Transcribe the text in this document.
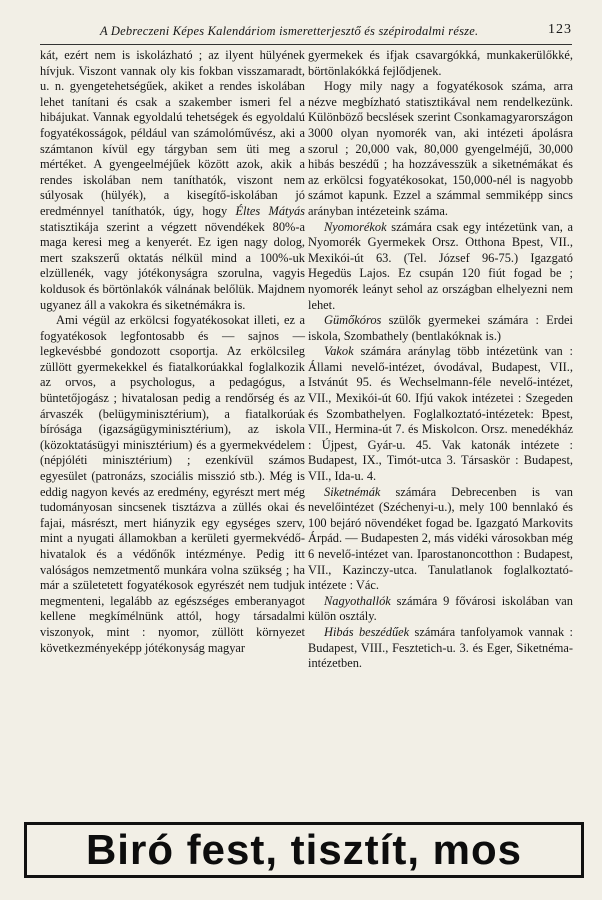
A Debreczeni Képes Kalendáriom ismeretterjesztő és szépirodalmi része.	123

kát, ezért nem is iskolázható ; az ilyent hülyének hívjuk. Viszont vannak oly kis fokban visszamaradt, u. n. gyengetehetségűek, akiket a rendes iskolában lehet tanítani és csak a szakember ismeri fel a hibájukat. Vannak egyoldalú tehetségek és egyoldalú fogyatékosságok, például van számolóművész, aki a számtanon kívül egy tárgyban sem üti meg a mértéket. A gyengeelméjűek között azok, akik a rendes iskolában nem taníthatók, viszont nem súlyosak (hülyék), a kisegítő-iskolában jó eredménnyel taníthatók, úgy, hogy Éltes Mátyás statisztikája szerint a végzett növendékek 80%-a maga keresi meg a kenyerét. Ez igen nagy dolog, mert szakszerű oktatás nélkül mind a 100%-uk elzüllenék, vagy jótékonyságra szorulna, vagyis koldusok és börtönlakók válnának belőlük. Majdnem ugyanez áll a vakokra és siketnémákra is.

Ami végül az erkölcsi fogyatékosokat illeti, ez a fogyatékosok legfontosabb és — sajnos — legkevésbbé gondozott csoportja. Az erkölcsileg züllött gyermekekkel és fiatalkorúakkal foglalkozik az orvos, a psychologus, a pedagógus, a büntetőjogász ; hivatalosan pedig a rendőrség és az árvaszék (belügyminisztérium), a fiatalkorúak bírósága (igazságügyminisztérium), az iskola (közoktatásügyi minisztérium) és a gyermekvédelem (népjóléti minisztérium) ; ezenkívül számos egyesület (patronázs, szociális misszió stb.). Még is eddig nagyon kevés az eredmény, egyrészt mert még tudományosan sincsenek tisztázva a züllés okai és fajai, másrészt, mert hiányzik egy egységes szerv, mint a nyugati államokban a kerületi gyermekvédő-hivatalok és a védőnők intézménye. Pedig itt valóságos nemzetmentő munkára volna szükség ; ha már a születetett fogyatékosok egyrészét nem tudjuk megmenteni, legalább az egészséges emberanyagot kellene megkímélnünk attól, hogy társadalmi viszonyok, mint : nyomor, züllött környezet következményeképp jótékonyság magyar

gyermekek és ifjak csavargókká, munkakerülőkké, börtönlakókká fejlődjenek.

Hogy mily nagy a fogyatékosok száma, arra nézve megbízható statisztikával nem rendelkezünk. Különböző becslések szerint Csonkamagyarországon 3000 olyan nyomorék van, aki intézeti ápolásra szorul ; 20,000 vak, 80,000 gyengelméjű, 30,000 hibás beszédű ; ha hozzávesszük a siketnémákat és az erkölcsi fogyatékosokat, 150,000-nél is nagyobb számot kapunk. Ezzel a számmal semmiképp sincs arányban intézeteink száma.

Nyomorékok számára csak egy intézetünk van, a Nyomorék Gyermekek Orsz. Otthona Bpest, VII., Mexikói-út 63. (Tel. József 96-75.) Igazgató Hegedüs Lajos. Ez csupán 120 fiút fogad be ; nyomorék leányt sehol az országban elhelyezni nem lehet.

Gümőkóros szülők gyermekei számára : Erdei iskola, Szombathely (bentlakóknak is.)

Vakok számára aránylag több intézetünk van : Állami nevelő-intézet, óvodával, Budapest, VII., Istvánút 95. és Wechselmann-féle nevelő-intézet, VII., Mexikói-út 60. Ifjú vakok intézetei : Szegeden és Szombathelyen. Foglalkoztató-intézetek: Bpest, VII., Hermina-út 7. és Miskolcon. Orsz. menedékház : Újpest, Gyár-u. 45. Vak katonák intézete : Budapest, IX., Timót-utca 3. Társaskör : Budapest, VII., Ida-u. 4.

Siketnémák számára Debrecenben is van nevelőintézet (Széchenyi-u.), mely 100 bennlakó és 100 bejáró növendéket fogad be. Igazgató Markovits Árpád. — Budapesten 2, más vidéki városokban még 6 nevelő-intézet van. Iparostanoncotthon : Budapest, VII., Kazinczy-utca. Tanulatlanok foglalkoztató-intézete : Vác.

Nagyothallók számára 9 fővárosi iskolában van külön osztály.

Hibás beszédűek számára tanfolyamok vannak : Budapest, VIII., Fesztetich-u. 3. és Eger, Siketnéma-intézetben.

Biró fest, tisztít, mos
